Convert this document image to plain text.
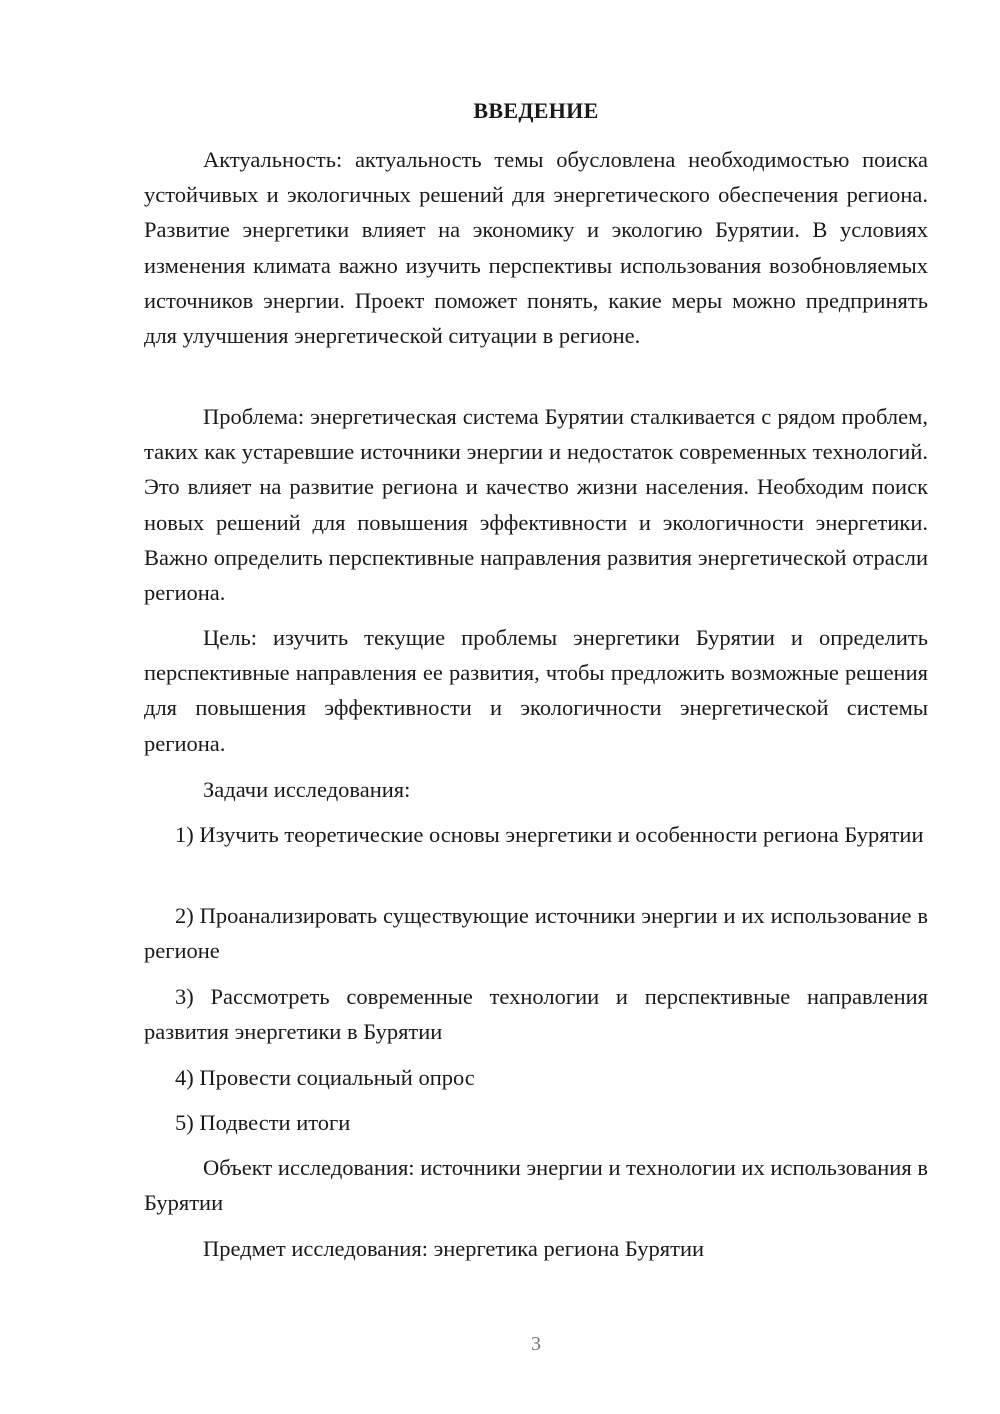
ВВЕДЕНИЕ

Актуальность: актуальность темы обусловлена необходимостью поиска устойчивых и экологичных решений для энергетического обеспечения региона. Развитие энергетики влияет на экономику и экологию Бурятии. В условиях изменения климата важно изучить перспективы использования возобновляемых источников энергии. Проект поможет понять, какие меры можно предпринять для улучшения энергетической ситуации в регионе.

Проблема: энергетическая система Бурятии сталкивается с рядом проблем, таких как устаревшие источники энергии и недостаток современных технологий. Это влияет на развитие региона и качество жизни населения. Необходим поиск новых решений для повышения эффективности и экологичности энергетики. Важно определить перспективные направления развития энергетической отрасли региона.

Цель: изучить текущие проблемы энергетики Бурятии и определить перспективные направления ее развития, чтобы предложить возможные решения для повышения эффективности и экологичности энергетической системы региона.

Задачи исследования:

1) Изучить теоретические основы энергетики и особенности региона Бурятии

2) Проанализировать существующие источники энергии и их использование в регионе

3) Рассмотреть современные технологии и перспективные направления развития энергетики в Бурятии

4) Провести социальный опрос

5) Подвести итоги

Объект исследования: источники энергии и технологии их использования в Бурятии

Предмет исследования: энергетика региона Бурятии

3
